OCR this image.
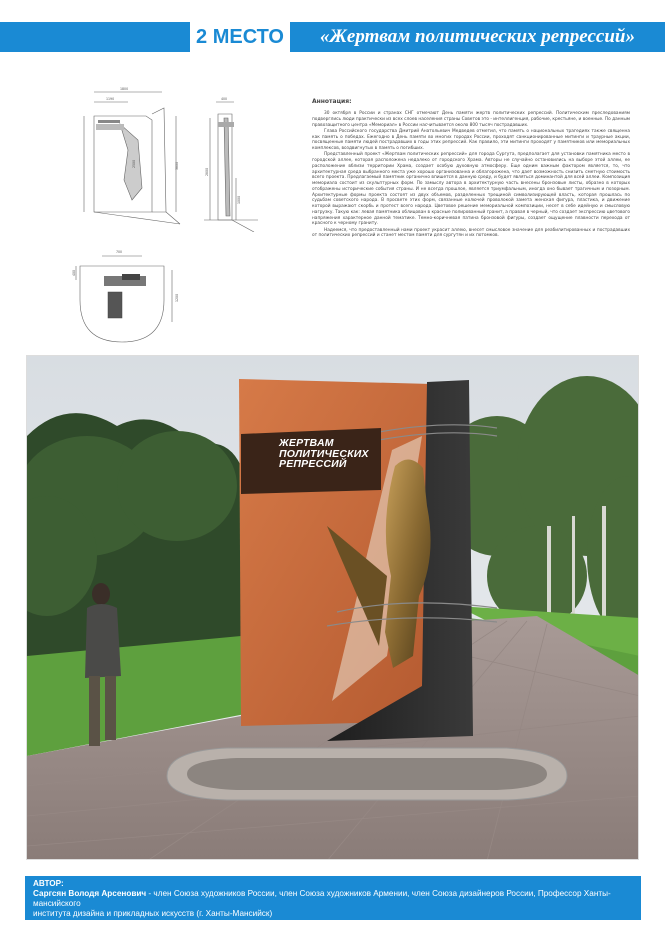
2 МЕСТО	«Жертвам политических репрессий»
1800
1190
2500	3800
400
2800
1000
700
1200
400
Аннотация:

30 октября в России и странах СНГ отмечают День памяти жертв политических репрессий. Политическим преследованиям подверглись люди практически из всех слоев населения страны Советов это - интеллигенция, рабочие, крестьяне, и военные. По данным правозащитного центра «Мемориал» в России насчитывается около 800 тысяч пострадавших.

Глава Российского государства Дмитрий Анатольевич Медведев отметил, что память о национальных трагедиях также священна как память о победах. Ежегодно в День памяти во многих городах России, проходят санкционированные митинги и траурные акции, посвященные памяти людей пострадавших в годы этих репрессий. Как правило, эти митинги проходят у памятников или мемориальных комплексов, воздвигнутых в память о погибших.

Представленный проект «Жертвам политических репрессий» для города Сургута, предполагает для установки памятника место в городской аллее, которая расположена недалеко от городского Храма. Авторы не случайно остановились на выборе этой аллеи, ее расположение вблизи территории Храма, создает особую духовную атмосферу. Еще одним важным фактором является, то, что архитектурная среда выбранного места уже хорошо организованна и облагорожена, что дает возможность снизить сметную стоимость всего проекта. Предлагаемый памятник органично впишется в данную среду, и будет являться доминантой для всей аллеи. Композиция мемориала состоит из скульптурных форм. По замыслу автора в архитектурную часть внесены бронзовые листы, образно в которых отображены исторические события страны. И не всегда прошлое, является триумфальным, иногда оно бывает трагичным и позорным. Архитектурные формы проекта состоят из двух объемов, разделенных трещиной символизирующей власть, которая прошлась по судьбам советского народа. В просвете этих форм, связанные колючей проволокой замета женская фигура, пластика, и движение которой выражают скорбь и протест всего народа. Цветовое решение мемориальной композиции, несет в себе идейную и смысловую нагрузку. Такую как: левая памятника облицован в красные полированный гранит, а правая в черный, что создает экспрессию цветового напряжения характерное данной тематике. Темно-коричневая патина бронзовой фигуры, создает ощущение плавности перехода от красного к черному граниту.

Надеемся, что предоставленный нами проект украсит аллею, внесет смысловое значение для реабилитированных и пострадавших от политических репрессий и станет местом памяти для сургутян и их потомков.

ЖЕРТВАМ
ПОЛИТИЧЕСКИХ
РЕПРЕССИЙ
АВТОР:
Саргсян Володя Арсенович - член Союза художников России, член Союза художников Армении, член Союза дизайнеров России, Профессор Ханты-мансийского
института дизайна и прикладных искусств (г. Ханты-Мансийск)
